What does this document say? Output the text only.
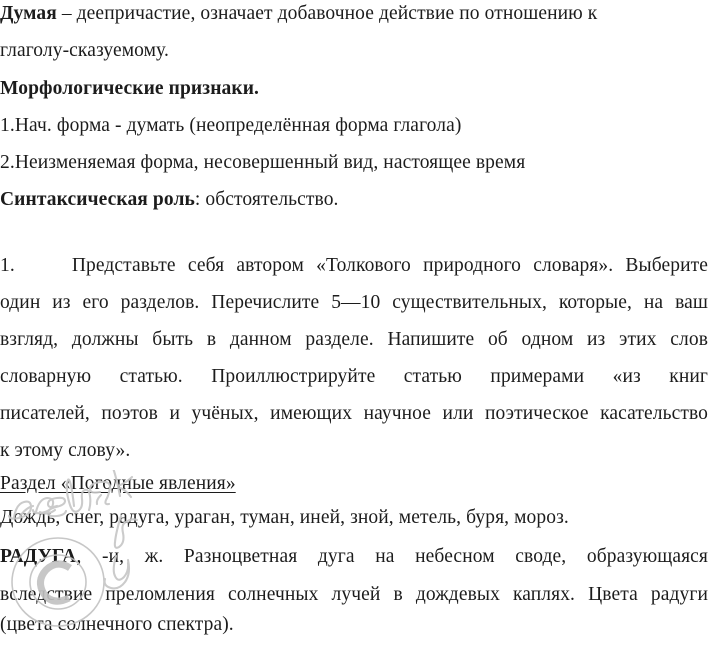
Думая – деепричастие, означает добавочное действие по отношению к
глаголу-сказуемому.
Морфологические признаки.
1.Нач. форма - думать (неопределённая форма глагола)
2.Неизменяемая форма, несовершенный вид, настоящее время
Синтаксическая роль: обстоятельство.
1.	Представьте себя автором «Толкового природного словаря». Выберите
один из его разделов. Перечислите 5—10 существительных, которые, на ваш
взгляд, должны быть в данном разделе. Напишите об одном из этих слов
словарную статью. Проиллюстрируйте статью примерами «из книг
писателей, поэтов и учёных, имеющих научное или поэтическое касательство
к этому слову».
Раздел «Погодные явления»
Дождь, снег, радуга, ураган, туман, иней, зной, метель, буря, мороз.
РАДУГА, -и, ж. Разноцветная дуга на небесном своде, образующаяся
вследствие преломления солнечных лучей в дождевых каплях. Цвета радуги
(цвета солнечного спектра).
